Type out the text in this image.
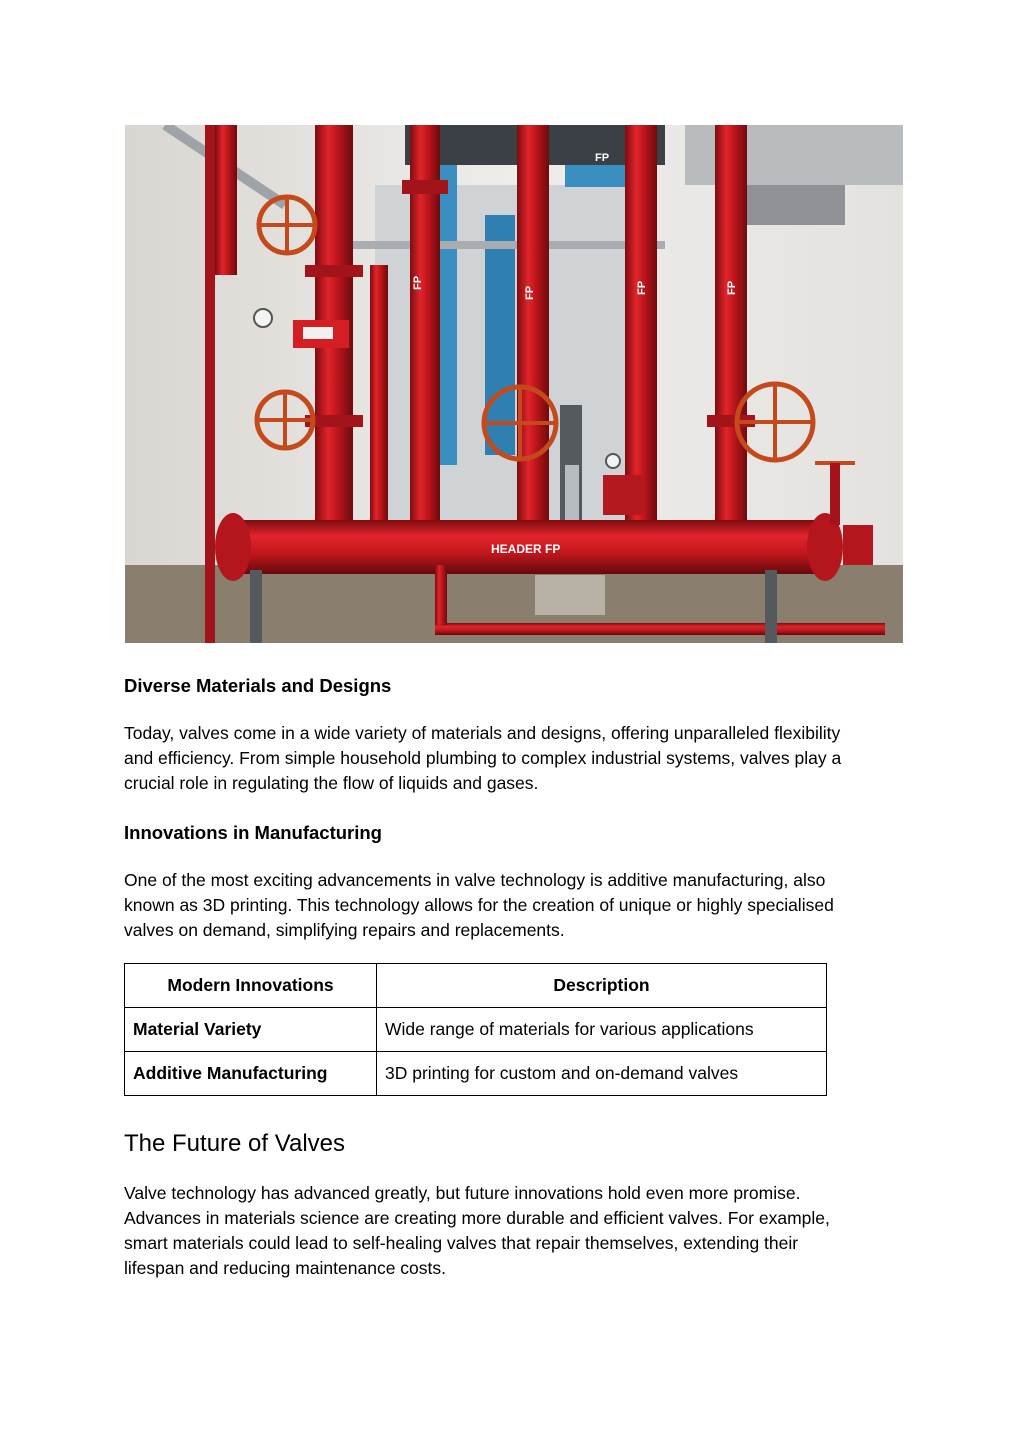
FP
FP	FP	FP
FP
HEADER FP
Diverse Materials and Designs
Today, valves come in a wide variety of materials and designs, offering unparalleled flexibility
and efficiency. From simple household plumbing to complex industrial systems, valves play a
crucial role in regulating the flow of liquids and gases.
Innovations in Manufacturing
One of the most exciting advancements in valve technology is additive manufacturing, also
known as 3D printing. This technology allows for the creation of unique or highly specialised
valves on demand, simplifying repairs and replacements.
Modern Innovations	Description
Material Variety	Wide range of materials for various applications
Additive Manufacturing	3D printing for custom and on-demand valves
The Future of Valves
Valve technology has advanced greatly, but future innovations hold even more promise.
Advances in materials science are creating more durable and efficient valves. For example,
smart materials could lead to self-healing valves that repair themselves, extending their
lifespan and reducing maintenance costs.
